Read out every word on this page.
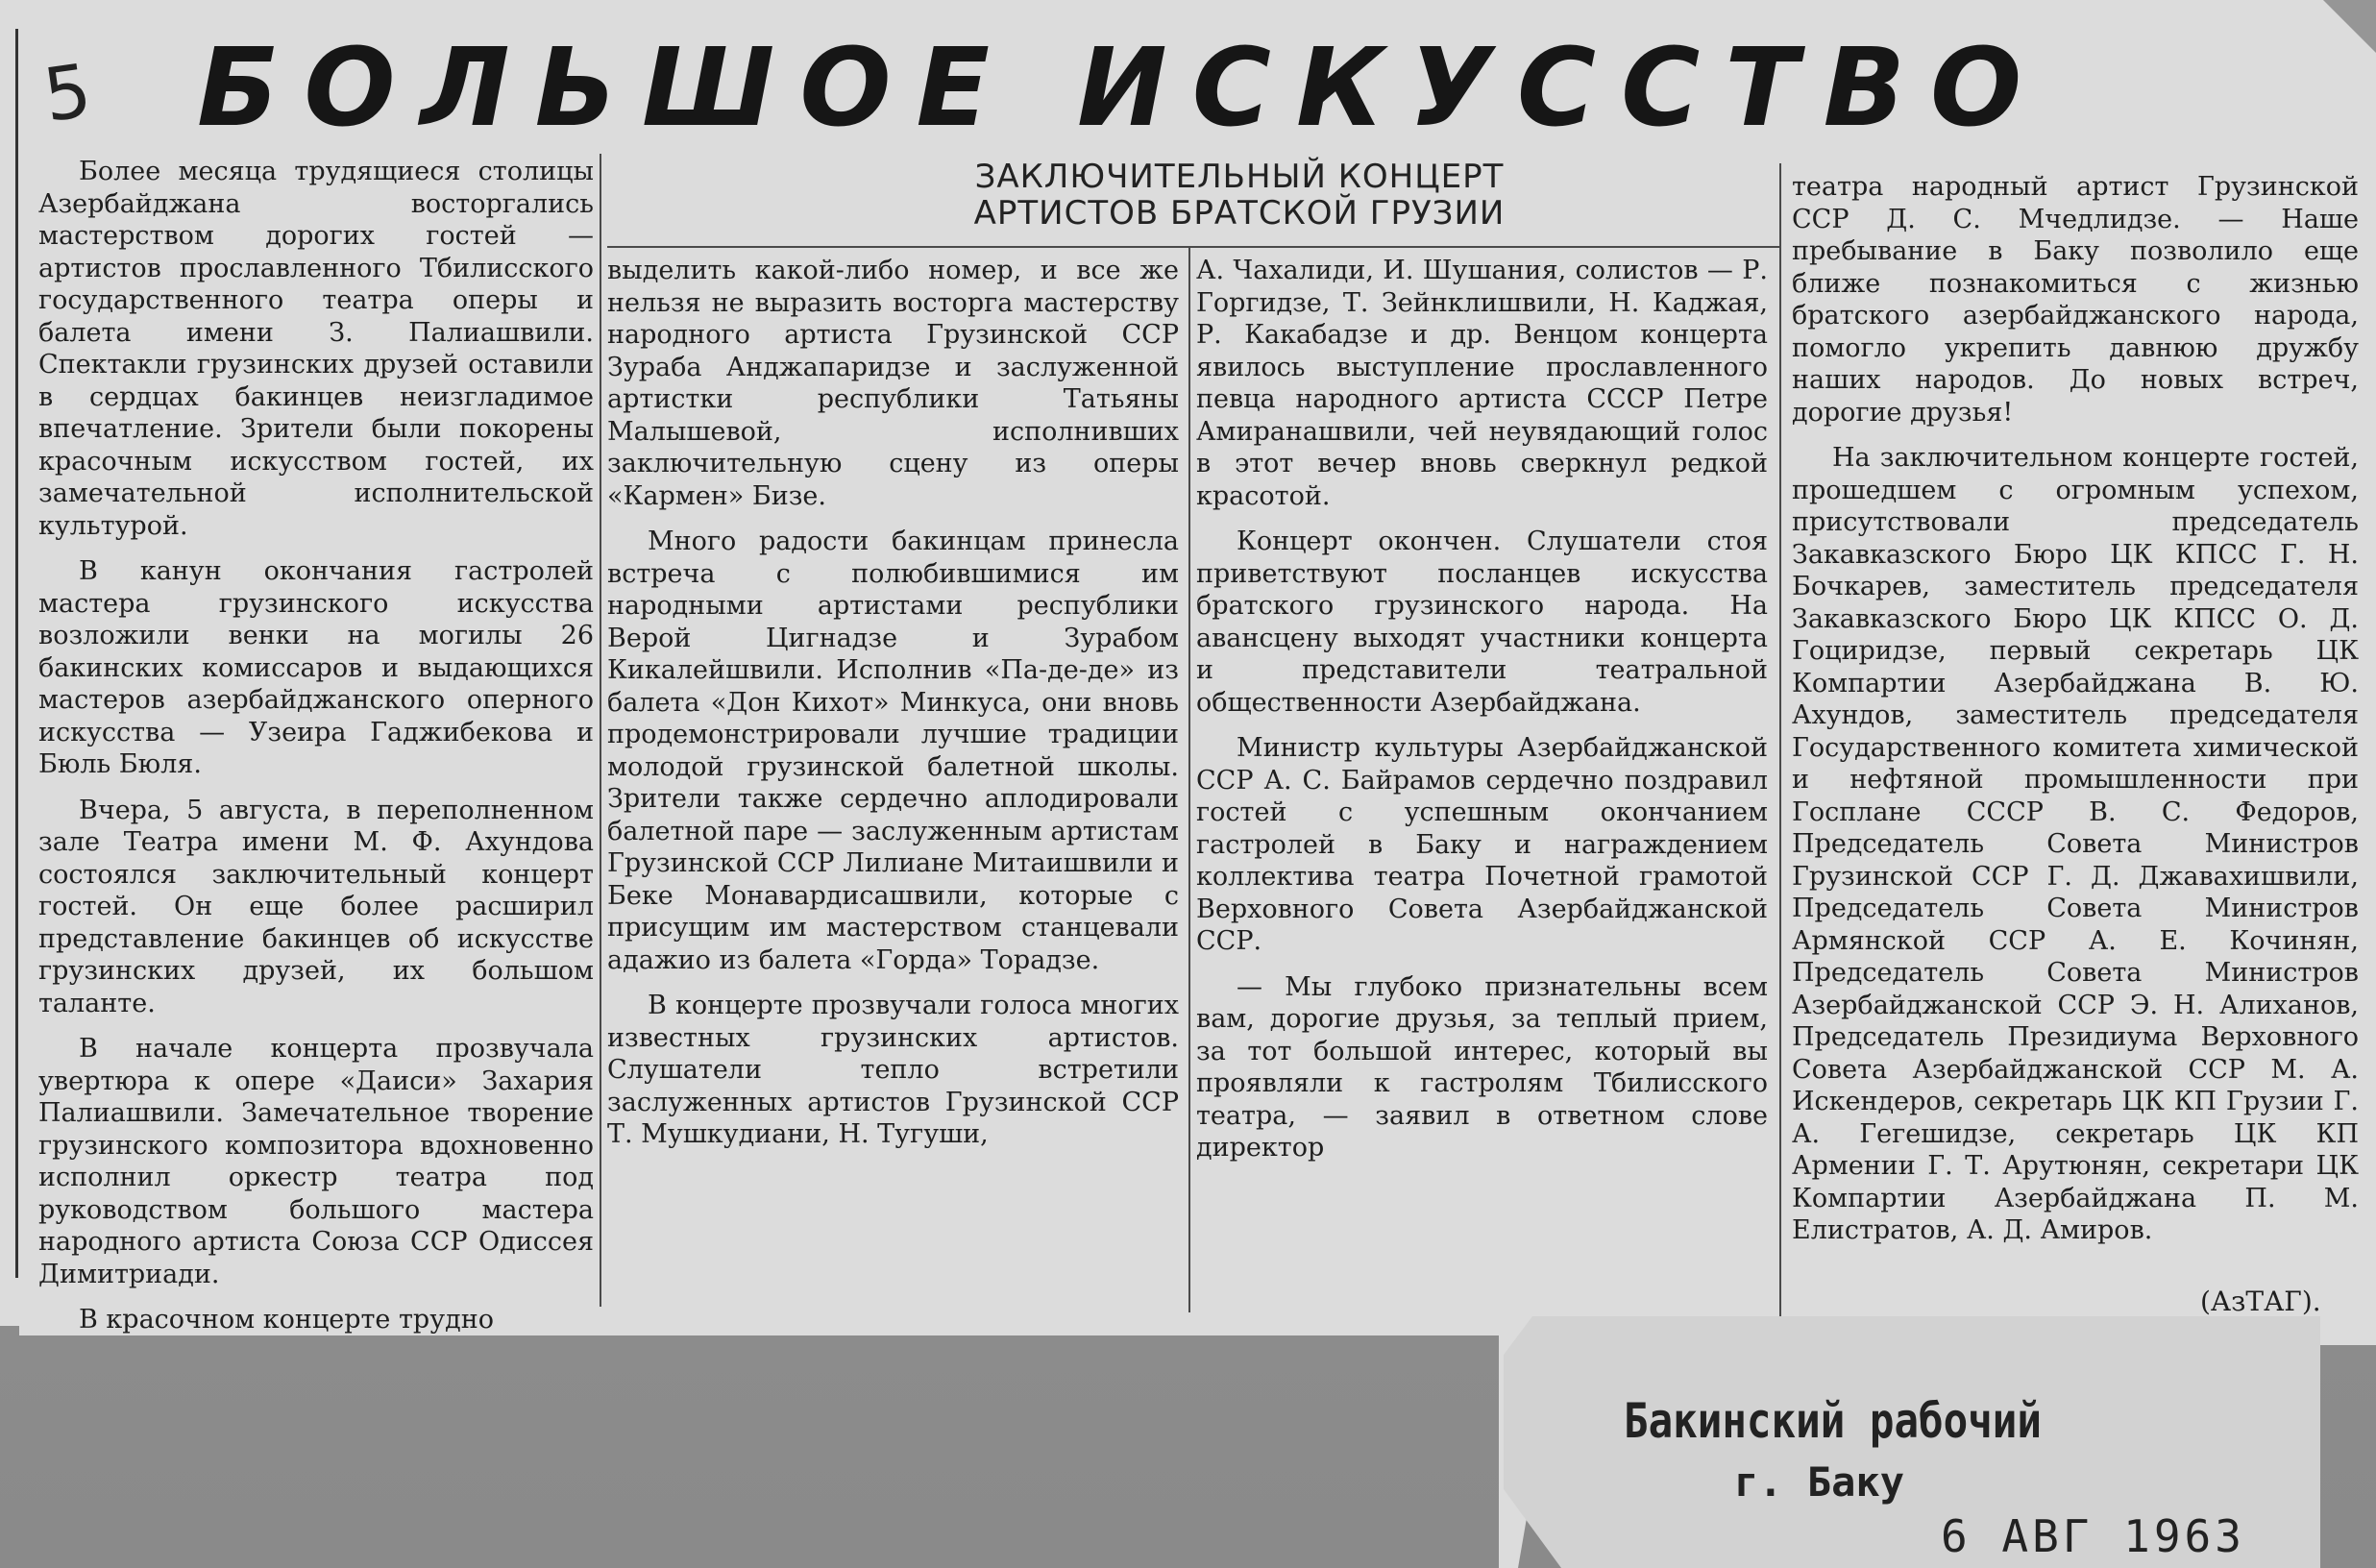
5 БОЛЬШОЕ ИСКУССТВО
ЗАКЛЮЧИТЕЛЬНЫЙ КОНЦЕРТ
АРТИСТОВ БРАТСКОЙ ГРУЗИИ

Более месяца трудящиеся столицы Азербайджана восторгались мастерством дорогих гостей — артистов прославленного Тбилисского государственного театра оперы и балета имени З. Палиашвили. Спектакли грузинских друзей оставили в сердцах бакинцев неизгладимое впечатление. Зрители были покорены красочным искусством гостей, их замечательной исполнительской культурой.

В канун окончания гастролей мастера грузинского искусства возложили венки на могилы 26 бакинских комиссаров и выдающихся мастеров азербайджанского оперного искусства — Узеира Гаджибекова и Бюль Бюля.

Вчера, 5 августа, в переполненном зале Театра имени М. Ф. Ахундова состоялся заключительный концерт гостей. Он еще более расширил представление бакинцев об искусстве грузинских друзей, их большом таланте.

В начале концерта прозвучала увертюра к опере «Даиси» Захария Палиашвили. Замечательное творение грузинского композитора вдохновенно исполнил оркестр театра под руководством большого мастера народного артиста Союза ССР Одиссея Димитриади.

В красочном концерте трудно

выделить какой-либо номер, и все же нельзя не выразить восторга мастерству народного артиста Грузинской ССР Зураба Анджапаридзе и заслуженной артистки республики Татьяны Малышевой, исполнивших заключительную сцену из оперы «Кармен» Бизе.

Много радости бакинцам принесла встреча с полюбившимися им народными артистами республики Верой Цигнадзе и Зурабом Кикалейшвили. Исполнив «Па-де-де» из балета «Дон Кихот» Минкуса, они вновь продемонстрировали лучшие традиции молодой грузинской балетной школы. Зрители также сердечно аплодировали балетной паре — заслуженным артистам Грузинской ССР Лилиане Митаишвили и Беке Монавардисашвили, которые с присущим им мастерством станцевали адажио из балета «Горда» Торадзе.

В концерте прозвучали голоса многих известных грузинских артистов. Слушатели тепло встретили заслуженных артистов Грузинской ССР Т. Мушкудиани, Н. Тугуши,

А. Чахалиди, И. Шушания, солистов — Р. Горгидзе, Т. Зейнклишвили, Н. Каджая, Р. Какабадзе и др. Венцом концерта явилось выступление прославленного певца народного артиста СССР Петре Амиранашвили, чей неувядающий голос в этот вечер вновь сверкнул редкой красотой.

Концерт окончен. Слушатели стоя приветствуют посланцев искусства братского грузинского народа. На авансцену выходят участники концерта и представители театральной общественности Азербайджана.

Министр культуры Азербайджанской ССР А. С. Байрамов сердечно поздравил гостей с успешным окончанием гастролей в Баку и награждением коллектива театра Почетной грамотой Верховного Совета Азербайджанской ССР.

— Мы глубоко признательны всем вам, дорогие друзья, за теплый прием, за тот большой интерес, который вы проявляли к гастролям Тбилисского театра, — заявил в ответном слове директор

театра народный артист Грузинской ССР Д. С. Мчедлидзе. — Наше пребывание в Баку позволило еще ближе познакомиться с жизнью братского азербайджанского народа, помогло укрепить давнюю дружбу наших народов. До новых встреч, дорогие друзья!

На заключительном концерте гостей, прошедшем с огромным успехом, присутствовали председатель Закавказского Бюро ЦК КПСС Г. Н. Бочкарев, заместитель председателя Закавказского Бюро ЦК КПСС О. Д. Гоциридзе, первый секретарь ЦК Компартии Азербайджана В. Ю. Ахундов, заместитель председателя Государственного комитета химической и нефтяной промышленности при Госплане СССР В. С. Федоров, Председатель Совета Министров Грузинской ССР Г. Д. Джавахишвили, Председатель Совета Министров Армянской ССР А. Е. Кочинян, Председатель Совета Министров Азербайджанской ССР Э. Н. Алиханов, Председатель Президиума Верховного Совета Азербайджанской ССР М. А. Искендеров, секретарь ЦК КП Грузии Г. А. Гегешидзе, секретарь ЦК КП Армении Г. Т. Арутюнян, секретари ЦК Компартии Азербайджана П. М. Елистратов, А. Д. Амиров.

(АзТАГ).
Бакинский рабочий
г. Баку
6 АВГ 1963
